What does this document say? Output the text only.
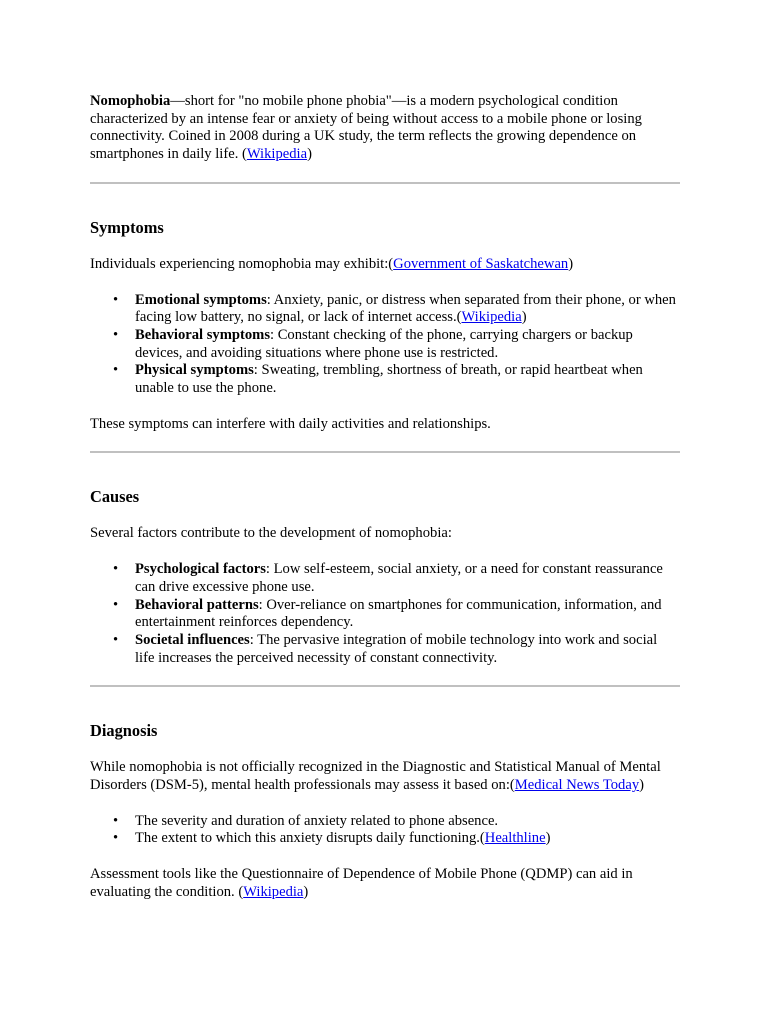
Nomophobia—short for "no mobile phone phobia"—is a modern psychological condition characterized by an intense fear or anxiety of being without access to a mobile phone or losing connectivity. Coined in 2008 during a UK study, the term reflects the growing dependence on smartphones in daily life. (Wikipedia)

Symptoms

Individuals experiencing nomophobia may exhibit:(Government of Saskatchewan)

• Emotional symptoms: Anxiety, panic, or distress when separated from their phone, or when facing low battery, no signal, or lack of internet access.(Wikipedia)
• Behavioral symptoms: Constant checking of the phone, carrying chargers or backup devices, and avoiding situations where phone use is restricted.
• Physical symptoms: Sweating, trembling, shortness of breath, or rapid heartbeat when unable to use the phone.

These symptoms can interfere with daily activities and relationships.

Causes

Several factors contribute to the development of nomophobia:

• Psychological factors: Low self-esteem, social anxiety, or a need for constant reassurance can drive excessive phone use.
• Behavioral patterns: Over-reliance on smartphones for communication, information, and entertainment reinforces dependency.
• Societal influences: The pervasive integration of mobile technology into work and social life increases the perceived necessity of constant connectivity.
Diagnosis

While nomophobia is not officially recognized in the Diagnostic and Statistical Manual of Mental Disorders (DSM-5), mental health professionals may assess it based on:(Medical News Today)

• The severity and duration of anxiety related to phone absence.
• The extent to which this anxiety disrupts daily functioning.(Healthline)

Assessment tools like the Questionnaire of Dependence of Mobile Phone (QDMP) can aid in evaluating the condition. (Wikipedia)
